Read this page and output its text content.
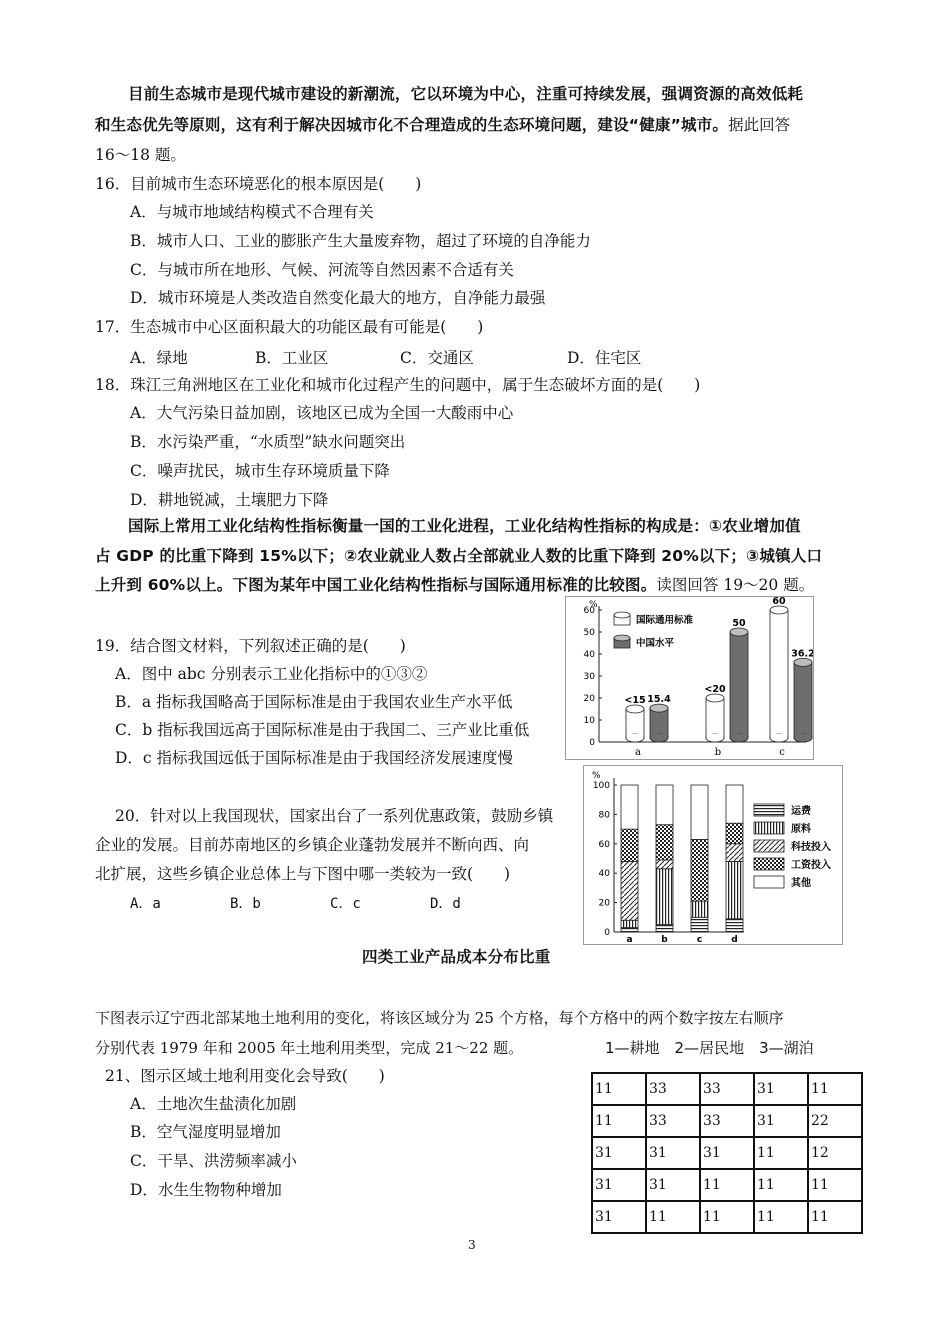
目前生态城市是现代城市建设的新潮流，它以环境为中心，注重可持续发展，强调资源的高效低耗
和生态优先等原则，这有利于解决因城市化不合理造成的生态环境问题，建设“健康”城市。据此回答
16～18 题。
16．目前城市生态环境恶化的根本原因是(　　)
A．与城市地域结构模式不合理有关
B．城市人口、工业的膨胀产生大量废弃物，超过了环境的自净能力
C．与城市所在地形、气候、河流等自然因素不合适有关
D．城市环境是人类改造自然变化最大的地方，自净能力最强
17．生态城市中心区面积最大的功能区最有可能是(　　)
A．绿地	B．工业区	C．交通区	D．住宅区
18．珠江三角洲地区在工业化和城市化过程产生的问题中，属于生态破坏方面的是(　　)
A．大气污染日益加剧，该地区已成为全国一大酸雨中心
B．水污染严重，“水质型”缺水问题突出
C．噪声扰民，城市生存环境质量下降
D．耕地锐减，土壤肥力下降
国际上常用工业化结构性指标衡量一国的工业化进程，工业化结构性指标的构成是：①农业增加值
占 GDP 的比重下降到 15%以下；②农业就业人数占全部就业人数的比重下降到 20%以下；③城镇人口
上升到 60%以上。下图为某年中国工业化结构性指标与国际通用标准的比较图。读图回答 19～20 题。
19．结合图文材料，下列叙述正确的是(　　)
A．图中 abc 分别表示工业化指标中的①③②
B．a 指标我国略高于国际标准是由于我国农业生产水平低
C．b 指标我国远高于国际标准是由于我国二、三产业比重低
D．c 指标我国远低于国际标准是由于我国经济发展速度慢
20．针对以上我国现状，国家出台了一系列优惠政策，鼓励乡镇
企业的发展。目前苏南地区的乡镇企业蓬勃发展并不断向西、向
北扩展，这些乡镇企业总体上与下图中哪一类较为一致(　　)
A．a	B．b	C．c	D．d
%
0
10
20
30
40
50
60
a
<15 15.4
b
<20
50
c
60
36.2
国际通用标准
中国水平
%
0
20
40
60
80
100
a	b	c	d
运费
原料
科技投入
工资投入
其他
四类工业产品成本分布比重
下图表示辽宁西北部某地土地利用的变化，将该区域分为 25 个方格，每个方格中的两个数字按左右顺序
分别代表 1979 年和 2005 年土地利用类型，完成 21～22 题。	1—耕地　2—居民地　3—湖泊
21、图示区域土地利用变化会导致(　　)
A．土地次生盐渍化加剧
B．空气湿度明显增加
C．干旱、洪涝频率减小
D．水生生物物种增加
11	33	33	31	11
11	33	33	31	22
31	31	31	11	12
31	31	11	11	11
31	11	11	11	11
3
